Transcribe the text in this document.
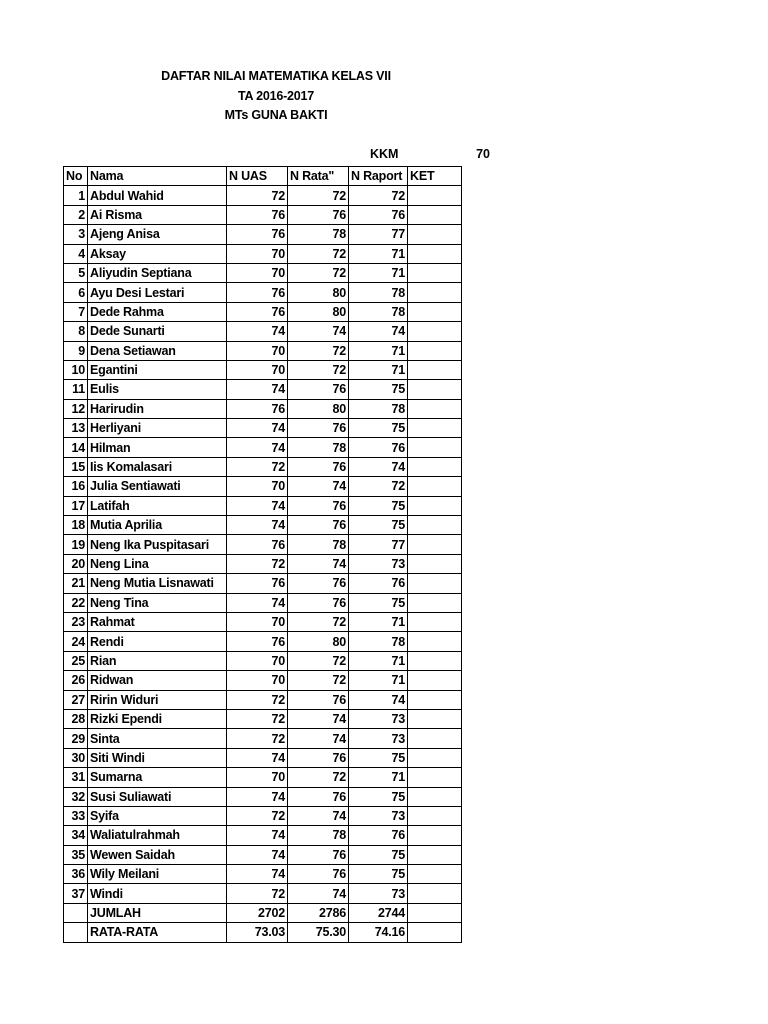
DAFTAR NILAI MATEMATIKA KELAS VII
TA 2016-2017
MTs GUNA BAKTI
KKM	70
No	Nama	N UAS	N Rata"	N Raport	KET
1	Abdul Wahid	72	72	72	
2	Ai Risma	76	76	76	
3	Ajeng Anisa	76	78	77	
4	Aksay	70	72	71	
5	Aliyudin Septiana	70	72	71	
6	Ayu Desi Lestari	76	80	78	
7	Dede Rahma	76	80	78	
8	Dede Sunarti	74	74	74	
9	Dena Setiawan	70	72	71	
10	Egantini	70	72	71	
11	Eulis	74	76	75	
12	Harirudin	76	80	78	
13	Herliyani	74	76	75	
14	Hilman	74	78	76	
15	Iis Komalasari	72	76	74	
16	Julia Sentiawati	70	74	72	
17	Latifah	74	76	75	
18	Mutia Aprilia	74	76	75	
19	Neng Ika Puspitasari	76	78	77	
20	Neng Lina	72	74	73	
21	Neng Mutia Lisnawati	76	76	76	
22	Neng Tina	74	76	75	
23	Rahmat	70	72	71	
24	Rendi	76	80	78	
25	Rian	70	72	71	
26	Ridwan	70	72	71	
27	Ririn Widuri	72	76	74	
28	Rizki Ependi	72	74	73	
29	Sinta	72	74	73	
30	Siti Windi	74	76	75	
31	Sumarna	70	72	71	
32	Susi Suliawati	74	76	75	
33	Syifa	72	74	73	
34	Waliatulrahmah	74	78	76	
35	Wewen Saidah	74	76	75	
36	Wily Meilani	74	76	75	
37	Windi	72	74	73	
	JUMLAH	2702	2786	2744	
	RATA-RATA	73.03	75.30	74.16	
